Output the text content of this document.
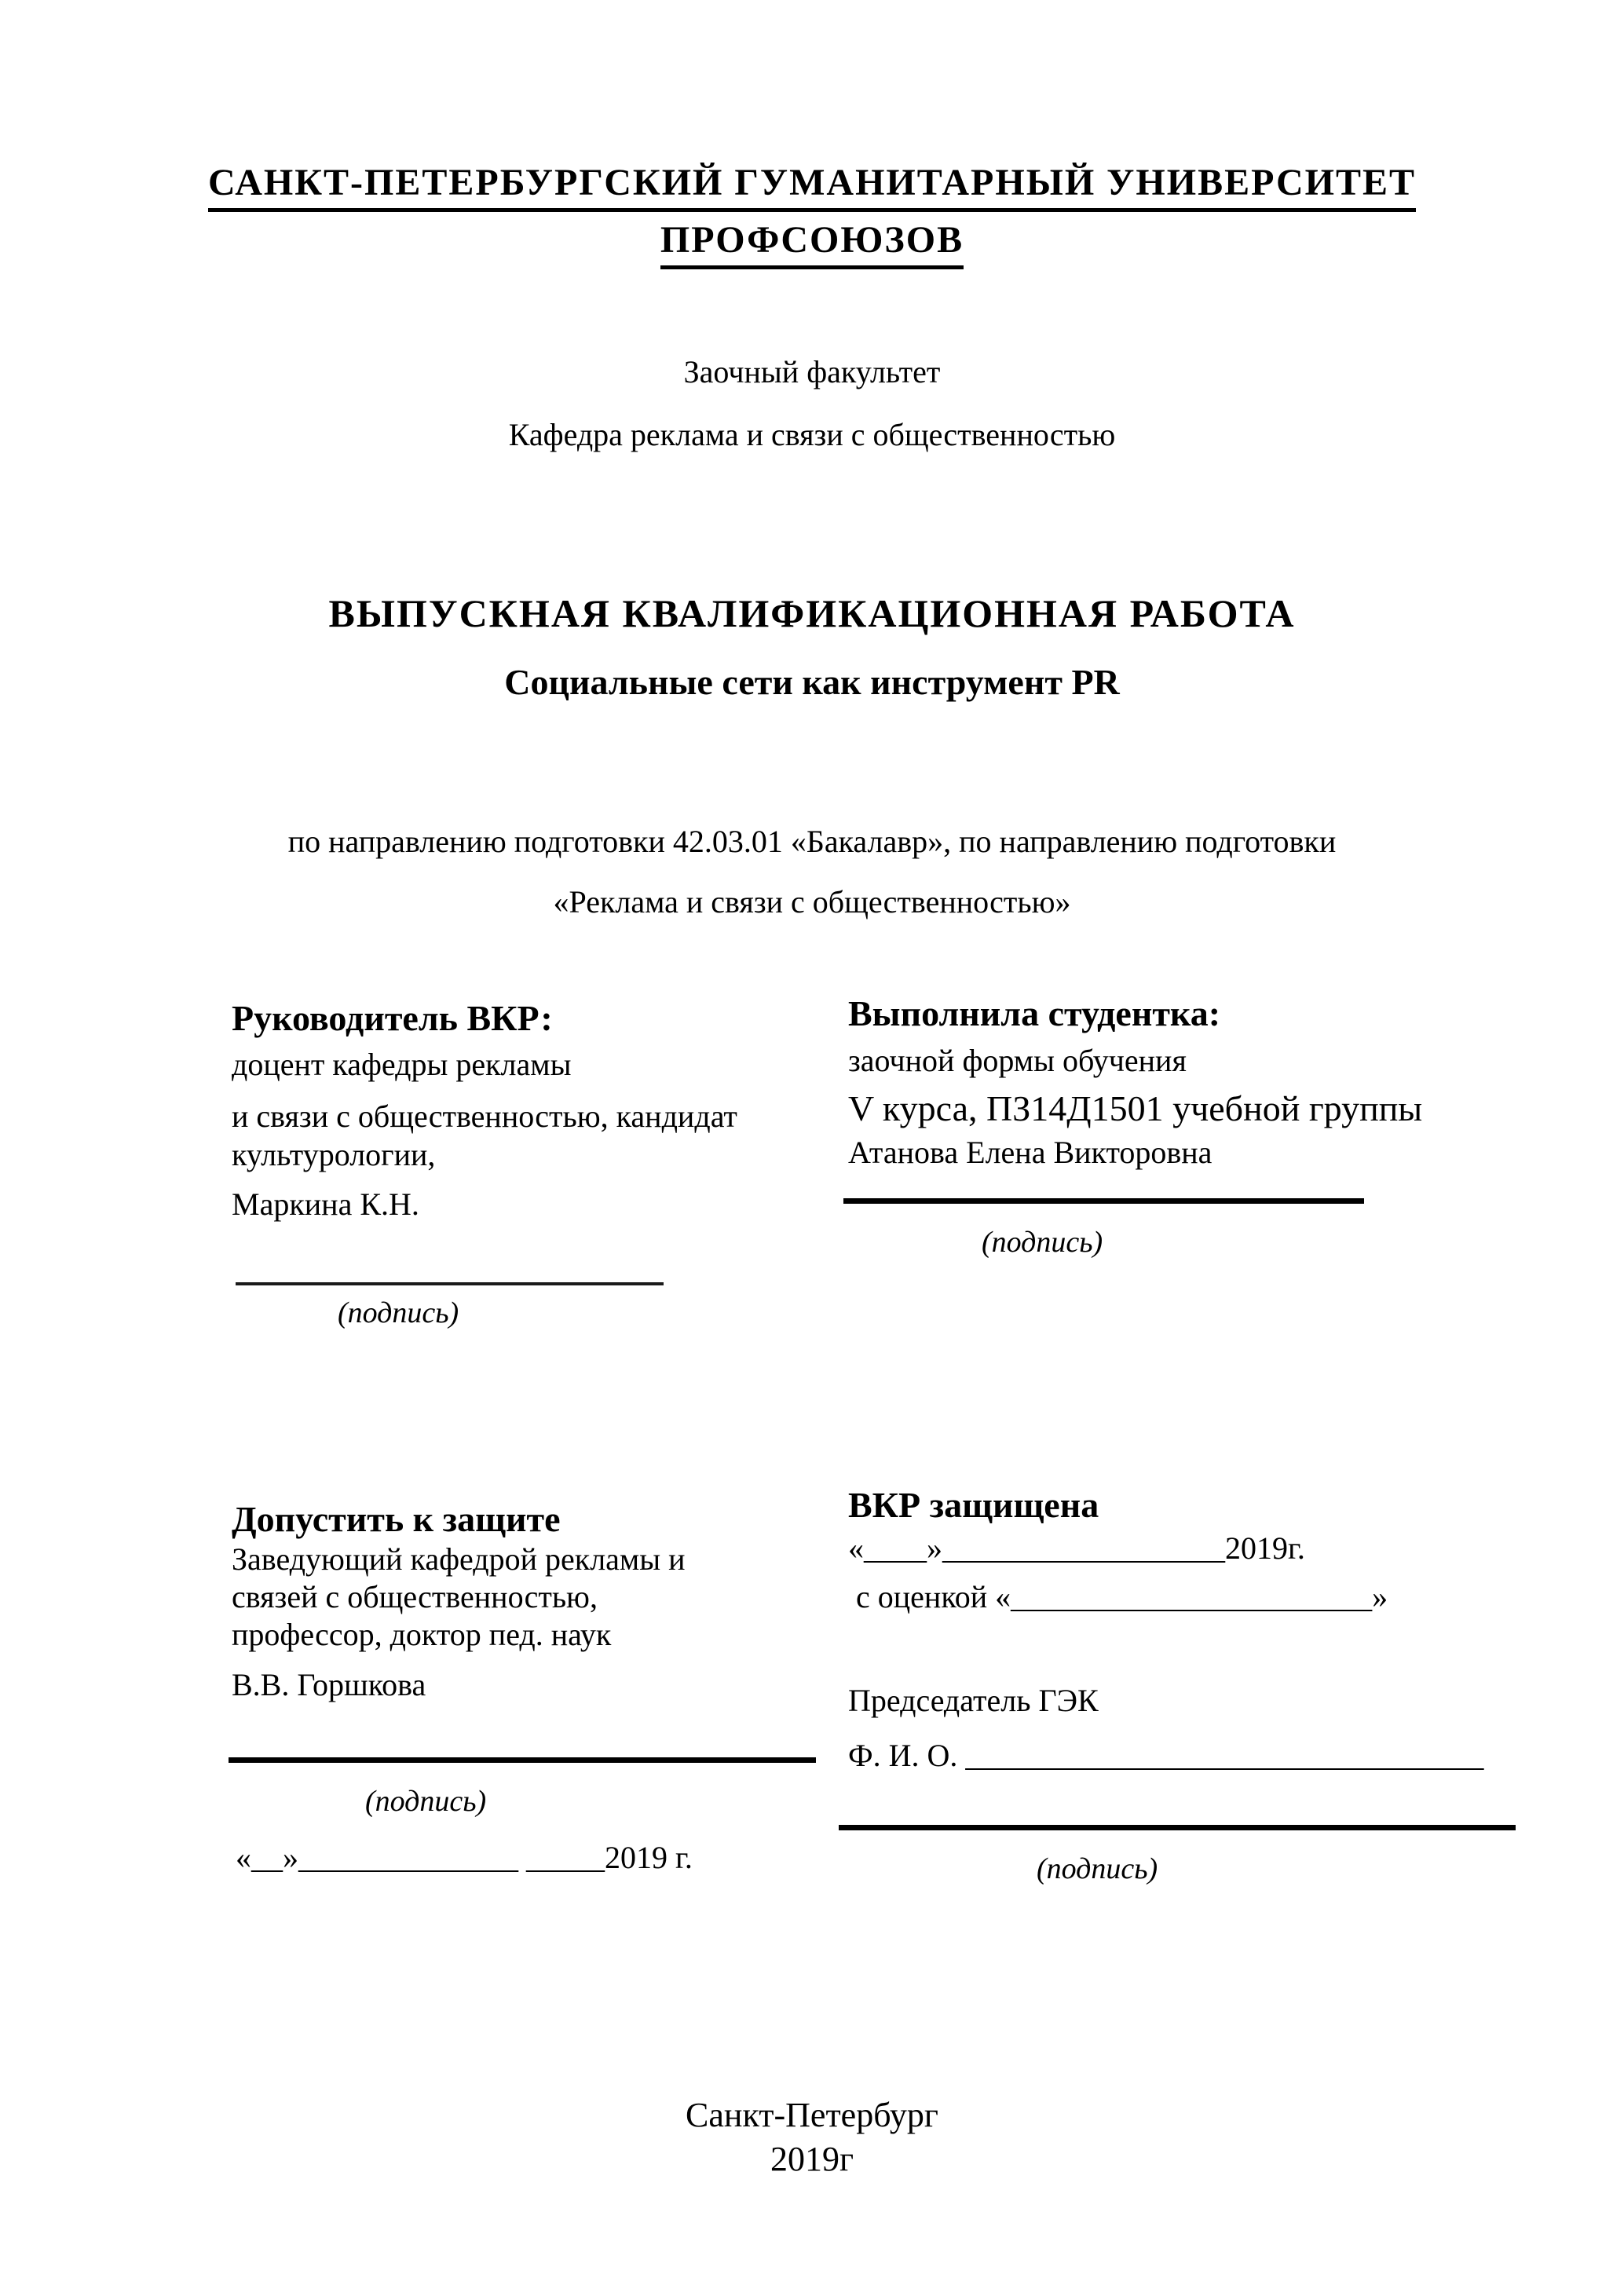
САНКТ-ПЕТЕРБУРГСКИЙ ГУМАНИТАРНЫЙ УНИВЕРСИТЕТ
ПРОФСОЮЗОВ
Заочный факультет
Кафедра реклама и связи с общественностью
ВЫПУСКНАЯ КВАЛИФИКАЦИОННАЯ РАБОТА
Социальные сети как инструмент PR
по направлению подготовки 42.03.01 «Бакалавр», по направлению подготовки
«Реклама и связи с общественностью»
Руководитель ВКР:
доцент кафедры рекламы
и связи с общественностью, кандидат
культурологии,
Маркина К.Н.
(подпись)
Выполнила студентка:
заочной формы обучения
V курса, ПЗ14Д1501 учебной группы
Атанова Елена Викторовна
(подпись)
Допустить к защите
Заведующий кафедрой рекламы и
связей с общественностью,
профессор, доктор пед. наук
В.В. Горшкова
(подпись)
«__»______________ _____2019 г.
ВКР защищена
«____»__________________2019г.
с оценкой «_______________________»
Председатель ГЭК
Ф. И. О. _________________________________
(подпись)
Санкт-Петербург
2019г
